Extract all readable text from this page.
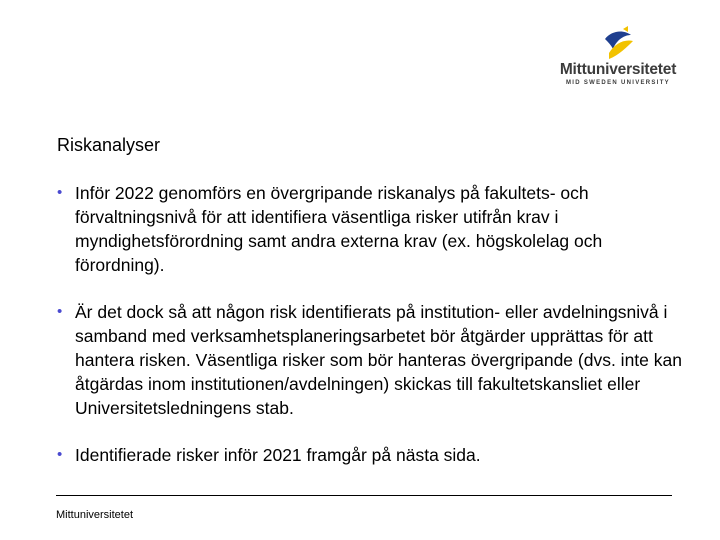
Mittuniversitetet
MID SWEDEN UNIVERSITY
Riskanalyser
• Inför 2022 genomförs en övergripande riskanalys på fakultets- och förvaltningsnivå för att identifiera väsentliga risker utifrån krav i myndighetsförordning samt andra externa krav (ex. högskolelag och förordning).
• Är det dock så att någon risk identifierats på institution- eller avdelningsnivå i samband med verksamhetsplaneringsarbetet bör åtgärder upprättas för att hantera risken. Väsentliga risker som bör hanteras övergripande (dvs. inte kan åtgärdas inom institutionen/avdelningen) skickas till fakultetskansliet eller Universitetsledningens stab.
• Identifierade risker inför 2021 framgår på nästa sida.
Mittuniversitetet
